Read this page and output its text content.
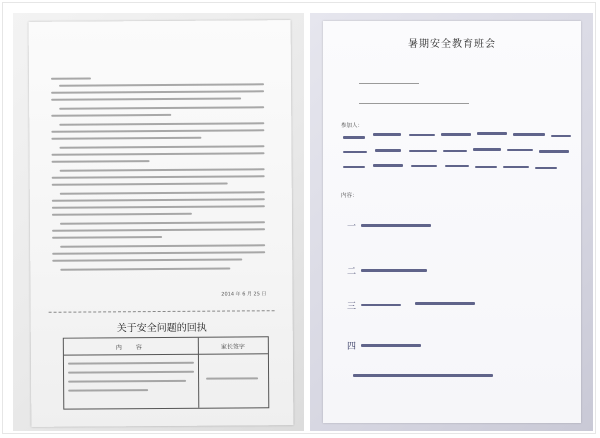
2014 年 6 月 25 日
关于安全问题的回执
内　容	家长签字
暑期安全教育班会
参加人：
内容：
一
二
三
四
